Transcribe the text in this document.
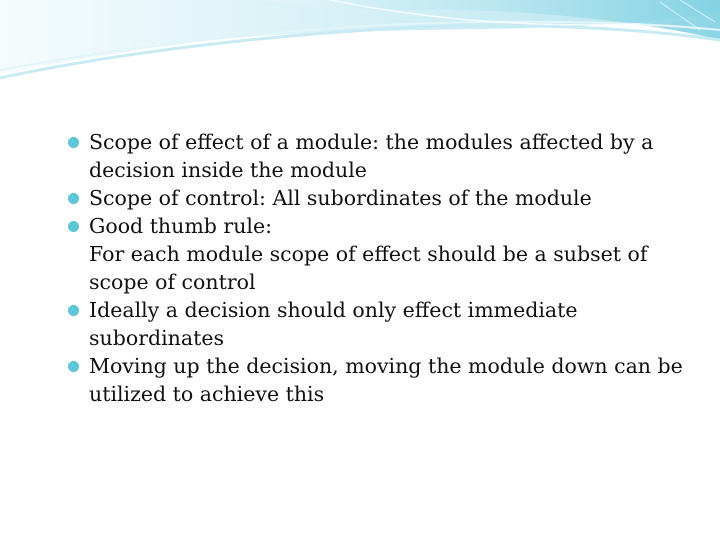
Scope of effect of a module: the modules affected by a decision inside the module
Scope of control: All subordinates of the module
Good thumb rule:
For each module scope of effect should be a subset of scope of control
Ideally a decision should only effect immediate subordinates
Moving up the decision, moving the module down can be utilized to achieve this
